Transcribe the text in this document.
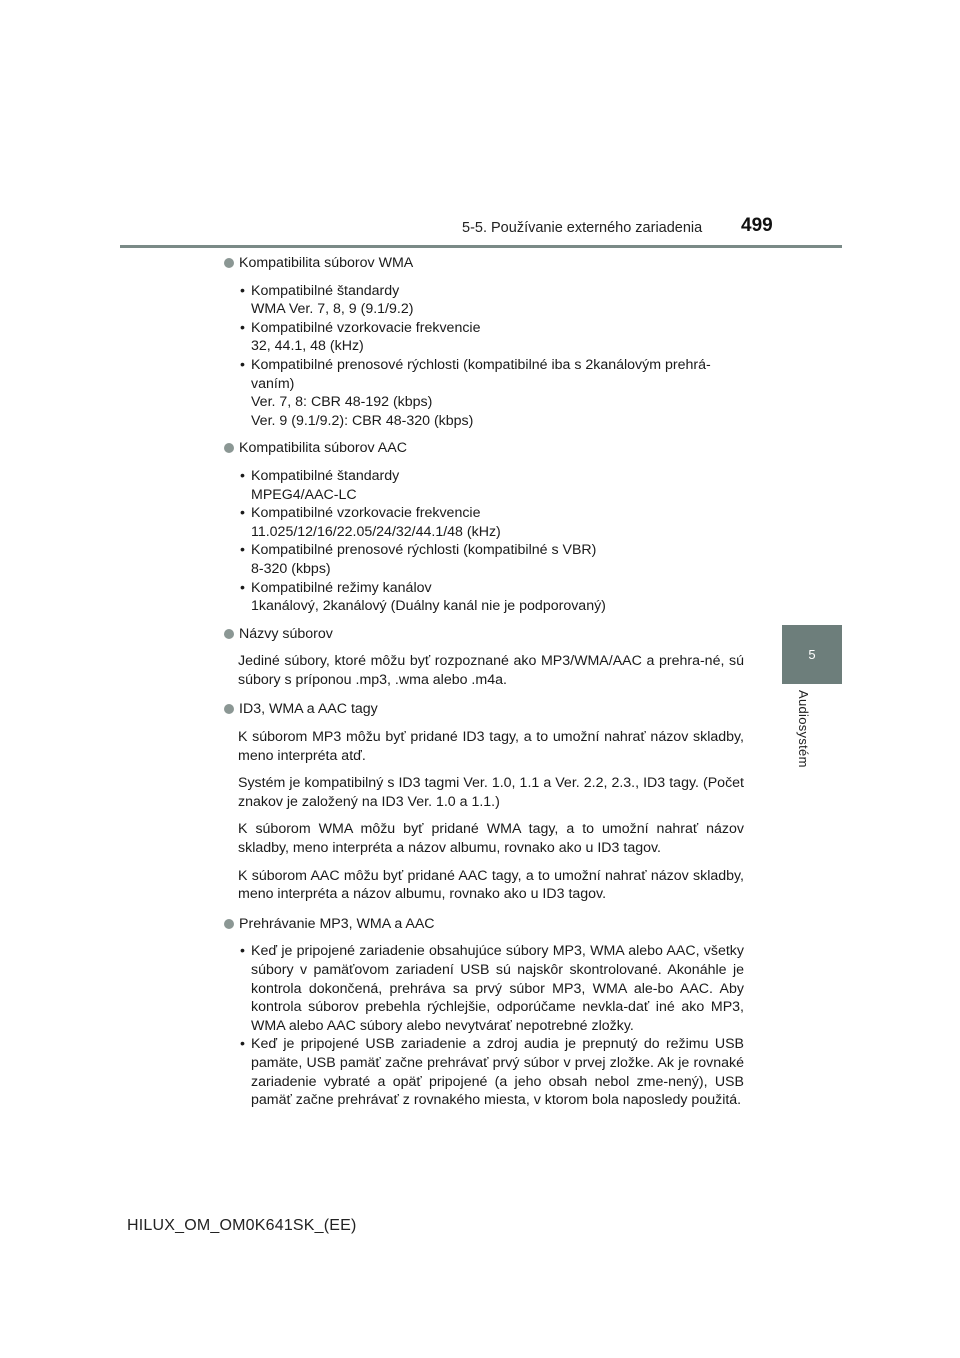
5-5. Používanie externého zariadenia 499
5
Audiosystém
Kompatibilita súborov WMA
• Kompatibilné štandardy
WMA Ver. 7, 8, 9 (9.1/9.2)
• Kompatibilné vzorkovacie frekvencie
32, 44.1, 48 (kHz)
• Kompatibilné prenosové rýchlosti (kompatibilné iba s 2kanálovým prehrá-
vaním)
Ver. 7, 8: CBR 48-192 (kbps)
Ver. 9 (9.1/9.2): CBR 48-320 (kbps)
Kompatibilita súborov AAC
• Kompatibilné štandardy
MPEG4/AAC-LC
• Kompatibilné vzorkovacie frekvencie
11.025/12/16/22.05/24/32/44.1/48 (kHz)
• Kompatibilné prenosové rýchlosti (kompatibilné s VBR)
8-320 (kbps)
• Kompatibilné režimy kanálov
1kanálový, 2kanálový (Duálny kanál nie je podporovaný)
Názvy súborov
Jediné súbory, ktoré môžu byť rozpoznané ako MP3/WMA/AAC a prehra-né, sú súbory s príponou .mp3, .wma alebo .m4a.
ID3, WMA a AAC tagy
K súborom MP3 môžu byť pridané ID3 tagy, a to umožní nahrať názov skladby, meno interpréta atď.
Systém je kompatibilný s ID3 tagmi Ver. 1.0, 1.1 a Ver. 2.2, 2.3., ID3 tagy. (Počet znakov je založený na ID3 Ver. 1.0 a 1.1.)
K súborom WMA môžu byť pridané WMA tagy, a to umožní nahrať názov skladby, meno interpréta a názov albumu, rovnako ako u ID3 tagov.
K súborom AAC môžu byť pridané AAC tagy, a to umožní nahrať názov skladby, meno interpréta a názov albumu, rovnako ako u ID3 tagov.
Prehrávanie MP3, WMA a AAC
• Keď je pripojené zariadenie obsahujúce súbory MP3, WMA alebo AAC, všetky súbory v pamäťovom zariadení USB sú najskôr skontrolované. Akonáhle je kontrola dokončená, prehráva sa prvý súbor MP3, WMA ale-bo AAC. Aby kontrola súborov prebehla rýchlejšie, odporúčame nevkla-dať iné ako MP3, WMA alebo AAC súbory alebo nevytvárať nepotrebné zložky.
• Keď je pripojené USB zariadenie a zdroj audia je prepnutý do režimu USB pamäte, USB pamäť začne prehrávať prvý súbor v prvej zložke. Ak je rovnaké zariadenie vybraté a opäť pripojené (a jeho obsah nebol zme-nený), USB pamäť začne prehrávať z rovnakého miesta, v ktorom bola naposledy použitá.
HILUX_OM_OM0K641SK_(EE)
